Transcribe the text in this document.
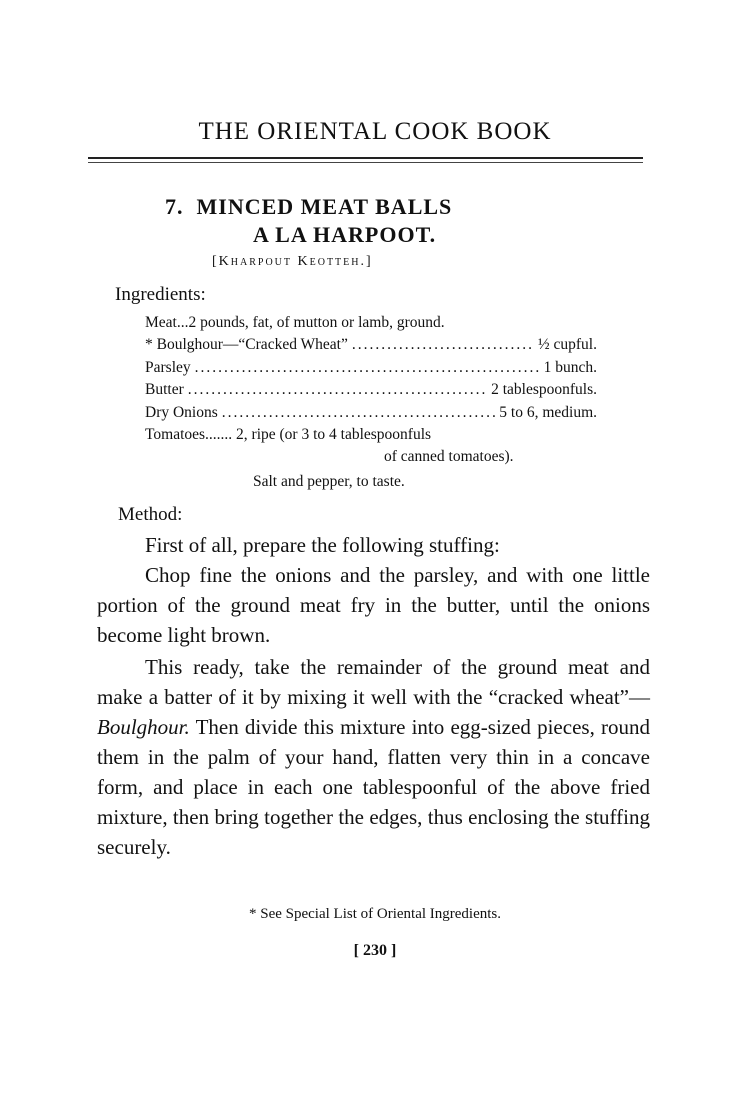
THE ORIENTAL COOK BOOK
7. MINCED MEAT BALLS
A LA HARPOOT.
[Kharpout Keotteh.]
Ingredients:
Meat...2 pounds, fat, of mutton or lamb, ground.
* Boulghour—“Cracked Wheat” .....	½ cupful.
Parsley .....	1 bunch.
Butter .....	2 tablespoonfuls.
Dry Onions .....	5 to 6, medium.
Tomatoes....... 2, ripe (or 3 to 4 tablespoonfuls
of canned tomatoes).
Salt and pepper, to taste.
Method:
First of all, prepare the following stuffing:
Chop fine the onions and the parsley, and with one little portion of the ground meat fry in the butter, until the onions become light brown.
This ready, take the remainder of the ground meat and make a batter of it by mixing it well with the “cracked wheat”—Boulghour. Then divide this mixture into egg-sized pieces, round them in the palm of your hand, flatten very thin in a concave form, and place in each one tablespoonful of the above fried mixture, then bring together the edges, thus enclosing the stuffing securely.
* See Special List of Oriental Ingredients.
[ 230 ]
